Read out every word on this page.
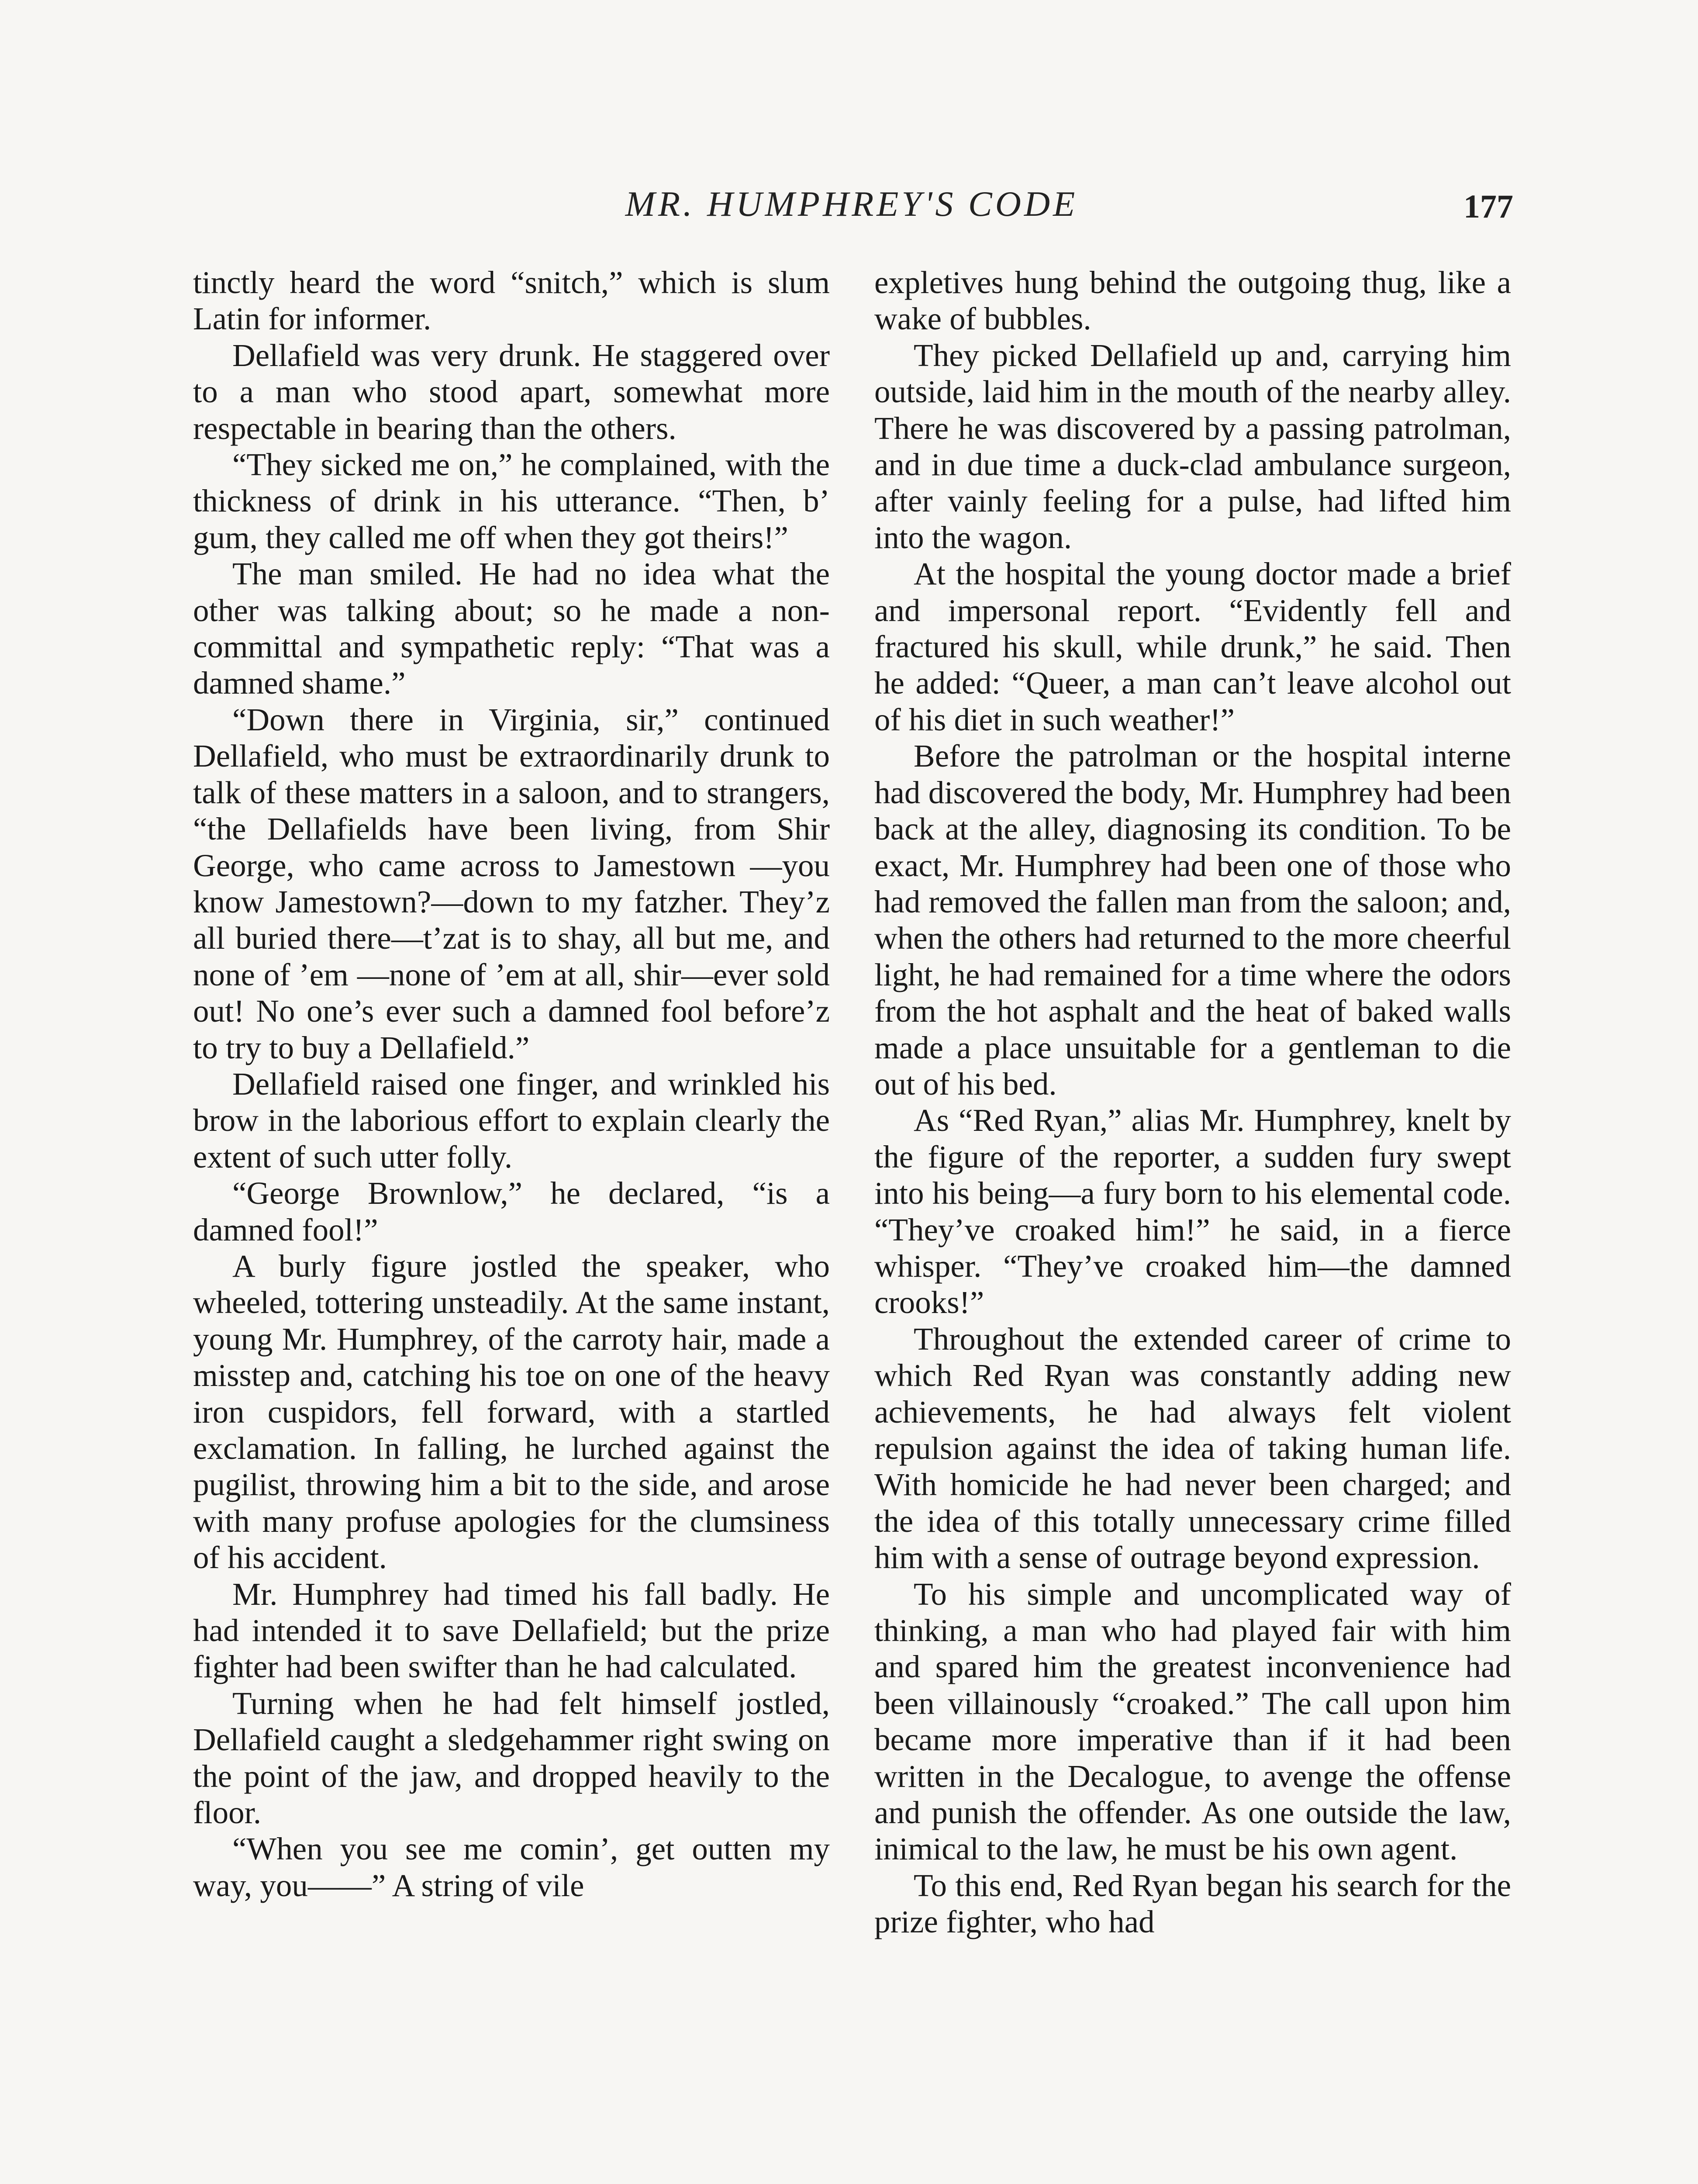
MR. HUMPHREY'S CODE	177

tinctly heard the word “snitch,” which is slum Latin for informer.

Dellafield was very drunk. He staggered over to a man who stood apart, somewhat more respectable in bearing than the others.

“They sicked me on,” he complained, with the thickness of drink in his utterance. “Then, b’ gum, they called me off when they got theirs!”

The man smiled. He had no idea what the other was talking about; so he made a non-committal and sympathetic reply: “That was a damned shame.”

“Down there in Virginia, sir,” continued Dellafield, who must be extraordinarily drunk to talk of these matters in a saloon, and to strangers, “the Dellafields have been living, from Shir George, who came across to Jamestown —you know Jamestown?—down to my fatzher. They’z all buried there—t’zat is to shay, all but me, and none of ’em —none of ’em at all, shir—ever sold out! No one’s ever such a damned fool before’z to try to buy a Dellafield.”

Dellafield raised one finger, and wrinkled his brow in the laborious effort to explain clearly the extent of such utter folly.

“George Brownlow,” he declared, “is a damned fool!”

A burly figure jostled the speaker, who wheeled, tottering unsteadily. At the same instant, young Mr. Humphrey, of the carroty hair, made a misstep and, catching his toe on one of the heavy iron cuspidors, fell forward, with a startled exclamation. In falling, he lurched against the pugilist, throwing him a bit to the side, and arose with many profuse apologies for the clumsiness of his accident.

Mr. Humphrey had timed his fall badly. He had intended it to save Dellafield; but the prize fighter had been swifter than he had calculated.

Turning when he had felt himself jostled, Dellafield caught a sledgehammer right swing on the point of the jaw, and dropped heavily to the floor.

“When you see me comin’, get outten my way, you——” A string of vile

expletives hung behind the outgoing thug, like a wake of bubbles.

They picked Dellafield up and, carrying him outside, laid him in the mouth of the nearby alley. There he was discovered by a passing patrolman, and in due time a duck-clad ambulance surgeon, after vainly feeling for a pulse, had lifted him into the wagon.

At the hospital the young doctor made a brief and impersonal report. “Evidently fell and fractured his skull, while drunk,” he said. Then he added: “Queer, a man can’t leave alcohol out of his diet in such weather!”

Before the patrolman or the hospital interne had discovered the body, Mr. Humphrey had been back at the alley, diagnosing its condition. To be exact, Mr. Humphrey had been one of those who had removed the fallen man from the saloon; and, when the others had returned to the more cheerful light, he had remained for a time where the odors from the hot asphalt and the heat of baked walls made a place unsuitable for a gentleman to die out of his bed.

As “Red Ryan,” alias Mr. Humphrey, knelt by the figure of the reporter, a sudden fury swept into his being—a fury born to his elemental code. “They’ve croaked him!” he said, in a fierce whisper. “They’ve croaked him—the damned crooks!”

Throughout the extended career of crime to which Red Ryan was constantly adding new achievements, he had always felt violent repulsion against the idea of taking human life. With homicide he had never been charged; and the idea of this totally unnecessary crime filled him with a sense of outrage beyond expression.

To his simple and uncomplicated way of thinking, a man who had played fair with him and spared him the greatest inconvenience had been villainously “croaked.” The call upon him became more imperative than if it had been written in the Decalogue, to avenge the offense and punish the offender. As one outside the law, inimical to the law, he must be his own agent.

To this end, Red Ryan began his search for the prize fighter, who had
